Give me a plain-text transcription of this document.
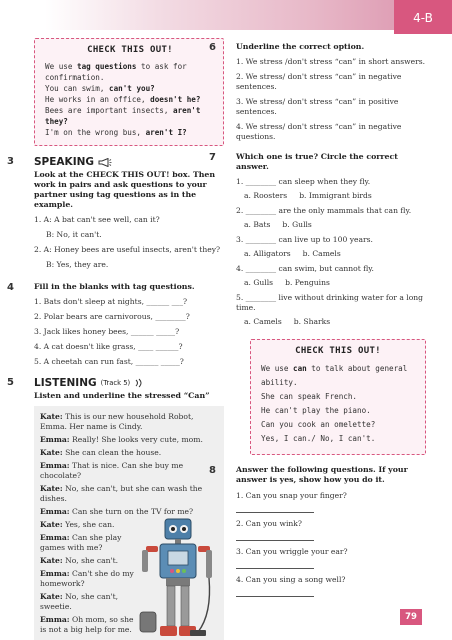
4-B
CHECK THIS OUT!
We use tag questions to ask for
confirmation.
You can swim, can't you?
He works in an office, doesn't he?
Bees are important insects, aren't they?
I'm on the wrong bus, aren't I?
3 SPEAKING
Look at the CHECK THIS OUT! box. Then work in pairs and ask questions to your partner using tag questions as in the example.
1. A: A bat can't see well, can it?
B: No, it can't.
2. A: Honey bees are useful insects, aren't they?
B: Yes, they are.
4	Fill in the blanks with tag questions.
1. Bats don't sleep at nights, ______ ___?
2. Polar bears are carnivorous, ________?
3. Jack likes honey bees, ______ _____?
4. A cat doesn't like grass, ____ ______?
5. A cheetah can run fast, ______ _____?
5 LISTENING (Track 5)
Listen and underline the stressed “Can”
Kate: This is our new household Robot, Emma. Her name is Cindy.
Emma: Really! She looks very cute, mom.
Kate: She can clean the house.
Emma: That is nice. Can she buy me chocolate?
Kate: No, she can't, but she can wash the dishes.
Emma: Can she turn on the TV for me?
Kate: Yes, she can.
Emma: Can she play games with me?
Kate: No, she can't.
Emma: Can't she do my homework?
Kate: No, she can't, sweetie.
Emma: Oh mom, so she is not a big help for me.
6	Underline the correct option.
1. We stress /don't stress “can” in short answers.
2. We stress/ don't stress “can” in negative sentences.
3. We stress/ don't stress “can” in positive sentences.
4. We stress/ don't stress “can” in negative questions.
7	Which one is true? Circle the correct answer.
1. ________ can sleep when they fly.
a. Roosters b. Immigrant birds
2. ________ are the only mammals that can fly.
a. Bats b. Gulls
3. ________ can live up to 100 years.
a. Alligators b. Camels
4. ________ can swim, but cannot fly.
a. Gulls b. Penguins
5. ________ live without drinking water for a long time.
a. Camels b. Sharks
CHECK THIS OUT!
We use can to talk about general ability.
She can speak French.
He can't play the piano.
Can you cook an omelette?
Yes, I can./ No, I can't.
8	Answer the following questions. If your answer is yes, show how you do it.
1. Can you snap your finger?
2. Can you wink?
3. Can you wriggle your ear?
4. Can you sing a song well?
79
